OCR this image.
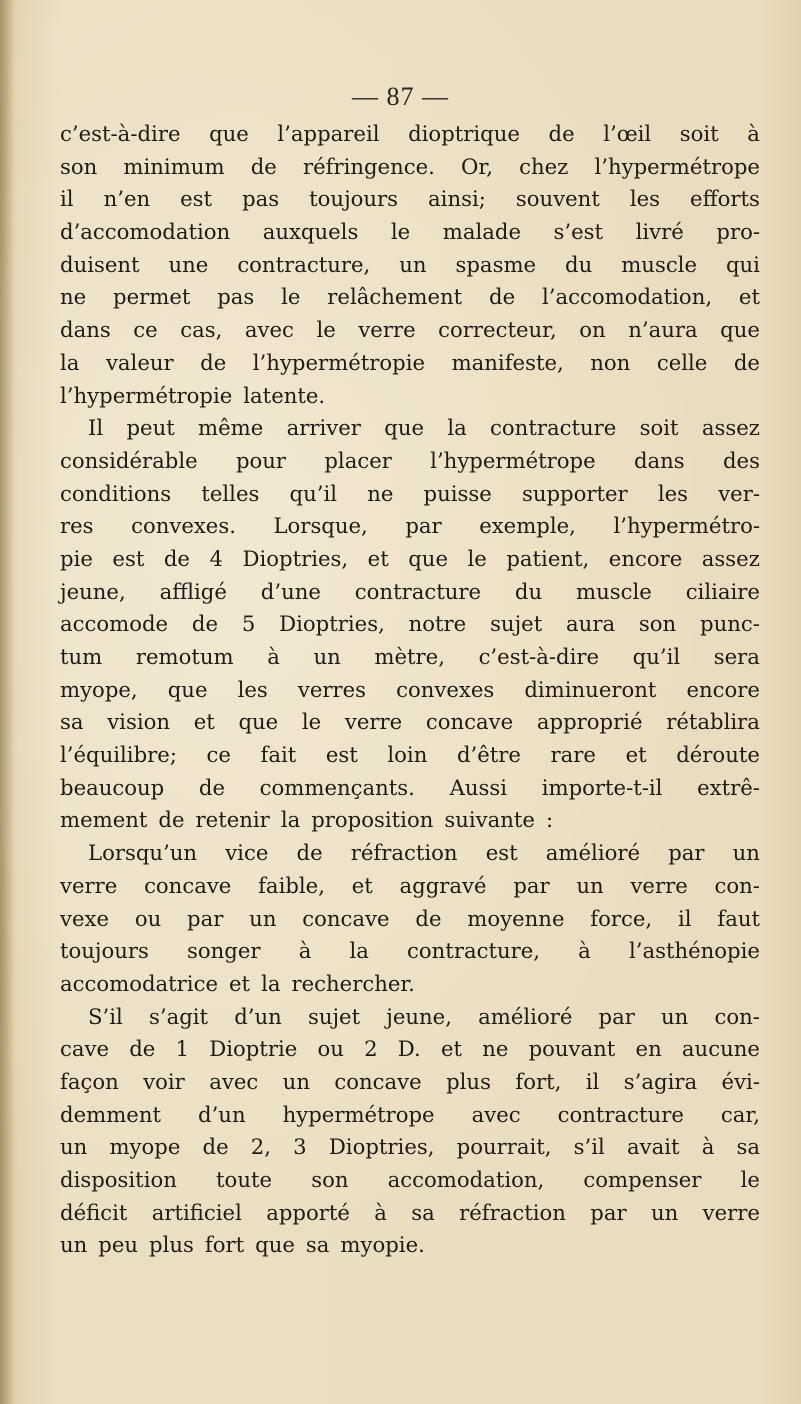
— 87 —
c’est-à-dire que l’appareil dioptrique de l’œil soit à
son minimum de réfringence. Or, chez l’hypermétrope
il n’en est pas toujours ainsi; souvent les efforts
d’accomodation auxquels le malade s’est livré pro-
duisent une contracture, un spasme du muscle qui
ne permet pas le relâchement de l’accomodation, et
dans ce cas, avec le verre correcteur, on n’aura que
la valeur de l’hypermétropie manifeste, non celle de
l’hypermétropie latente.
Il peut même arriver que la contracture soit assez
considérable pour placer l’hypermétrope dans des
conditions telles qu’il ne puisse supporter les ver-
res convexes. Lorsque, par exemple, l’hypermétro-
pie est de 4 Dioptries, et que le patient, encore assez
jeune, affligé d’une contracture du muscle ciliaire
accomode de 5 Dioptries, notre sujet aura son punc-
tum remotum à un mètre, c’est-à-dire qu’il sera
myope, que les verres convexes diminueront encore
sa vision et que le verre concave approprié rétablira
l’équilibre; ce fait est loin d’être rare et déroute
beaucoup de commençants. Aussi importe-t-il extrê-
mement de retenir la proposition suivante :
Lorsqu’un vice de réfraction est amélioré par un
verre concave faible, et aggravé par un verre con-
vexe ou par un concave de moyenne force, il faut
toujours songer à la contracture, à l’asthénopie
accomodatrice et la rechercher.
S’il s’agit d’un sujet jeune, amélioré par un con-
cave de 1 Dioptrie ou 2 D. et ne pouvant en aucune
façon voir avec un concave plus fort, il s’agira évi-
demment d’un hypermétrope avec contracture car,
un myope de 2, 3 Dioptries, pourrait, s’il avait à sa
disposition toute son accomodation, compenser le
déficit artificiel apporté à sa réfraction par un verre
un peu plus fort que sa myopie.
